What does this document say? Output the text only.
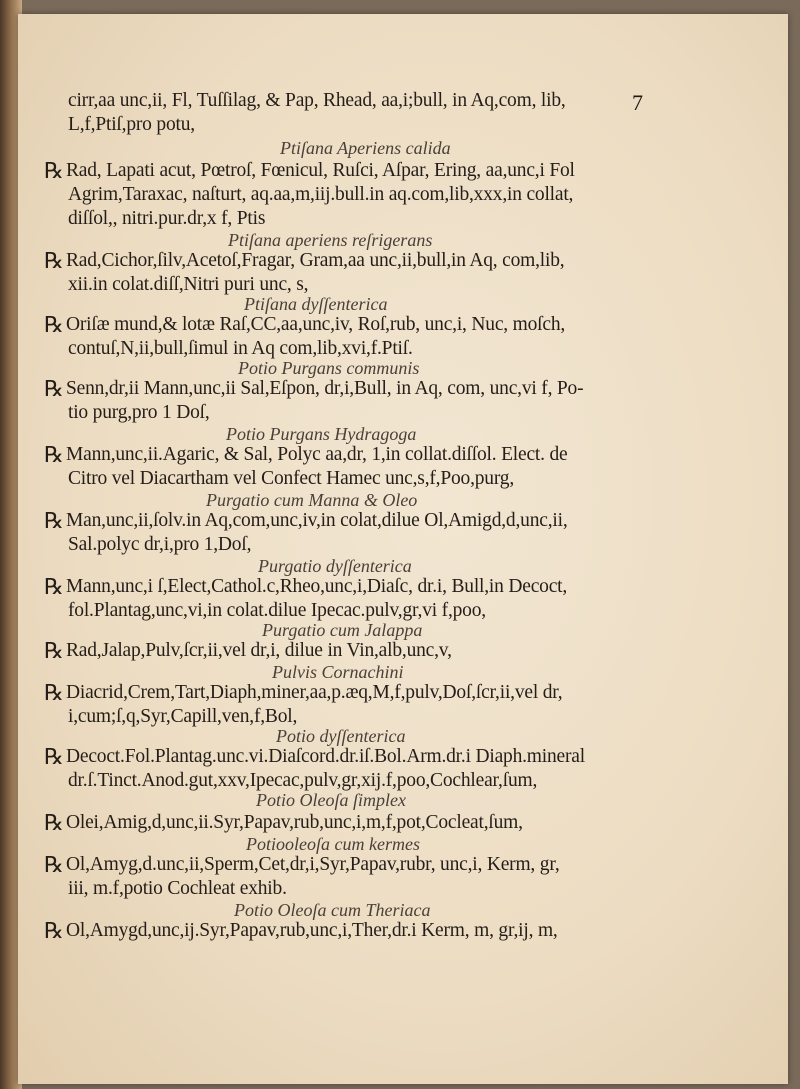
7
cirr,aa unc,ii, Fl, Tuſſilag, & Pap, Rhead, aa,i;bull, in Aq,com, lib,
L,f,Ptiſ,pro potu,
Ptiſana Aperiens calida
℞ Rad, Lapati acut, Pœtroſ, Fœnicul, Ruſci, Aſpar, Ering, aa,unc,i Fol
Agrim,Taraxac, naſturt, aq.aa,m,iij.bull.in aq.com,lib,xxx,in collat,
diſſol,, nitri.pur.dr,x f, Ptis
Ptiſana aperiens reſrigerans
℞ Rad,Cichor,ſilv,Acetoſ,Fragar, Gram,aa unc,ii,bull,in Aq, com,lib,
xii.in colat.diſſ,Nitri puri unc, s,
Ptiſana dyſſenterica
℞ Oriſæ mund,& lotæ Raſ,CC,aa,unc,iv, Roſ,rub, unc,i, Nuc, moſch,
contuſ,N,ii,bull,ſimul in Aq com,lib,xvi,f.Ptiſ.
Potio Purgans communis
℞ Senn,dr,ii Mann,unc,ii Sal,Eſpon, dr,i,Bull, in Aq, com, unc,vi f, Po-
tio purg,pro 1 Doſ,
Potio Purgans Hydragoga
℞ Mann,unc,ii.Agaric, & Sal, Polyc aa,dr, 1,in collat.diſſol. Elect. de
Citro vel Diacartham vel Confect Hamec unc,s,f,Poo,purg,
Purgatio cum Manna & Oleo
℞ Man,unc,ii,ſolv.in Aq,com,unc,iv,in colat,dilue Ol,Amigd,d,unc,ii,
Sal.polyc dr,i,pro 1,Doſ,
Purgatio dyſſenterica
℞ Mann,unc,i ſ,Elect,Cathol.c,Rheo,unc,i,Diaſc, dr.i, Bull,in Decoct,
fol.Plantag,unc,vi,in colat.dilue Ipecac.pulv,gr,vi f,poo,
Purgatio cum Jalappa
℞ Rad,Jalap,Pulv,ſcr,ii,vel dr,i, dilue in Vin,alb,unc,v,
Pulvis Cornachini
℞ Diacrid,Crem,Tart,Diaph,miner,aa,p.æq,M,f,pulv,Doſ,ſcr,ii,vel dr,
i,cum;ſ,q,Syr,Capill,ven,f,Bol,
Potio dyſſenterica
℞ Decoct.Fol.Plantag.unc.vi.Diaſcord.dr.iſ.Bol.Arm.dr.i Diaph.mineral
dr.ſ.Tinct.Anod.gut,xxv,Ipecac,pulv,gr,xij.f,poo,Cochlear,ſum,
Potio Oleoſa ſimplex
℞ Olei,Amig,d,unc,ii.Syr,Papav,rub,unc,i,m,f,pot,Cocleat,ſum,
Potiooleoſa cum kermes
℞ Ol,Amyg,d.unc,ii,Sperm,Cet,dr,i,Syr,Papav,rubr, unc,i, Kerm, gr,
iii, m.f,potio Cochleat exhib.
Potio Oleoſa cum Theriaca
℞ Ol,Amygd,unc,ij.Syr,Papav,rub,unc,i,Ther,dr.i Kerm, m, gr,ij, m,
